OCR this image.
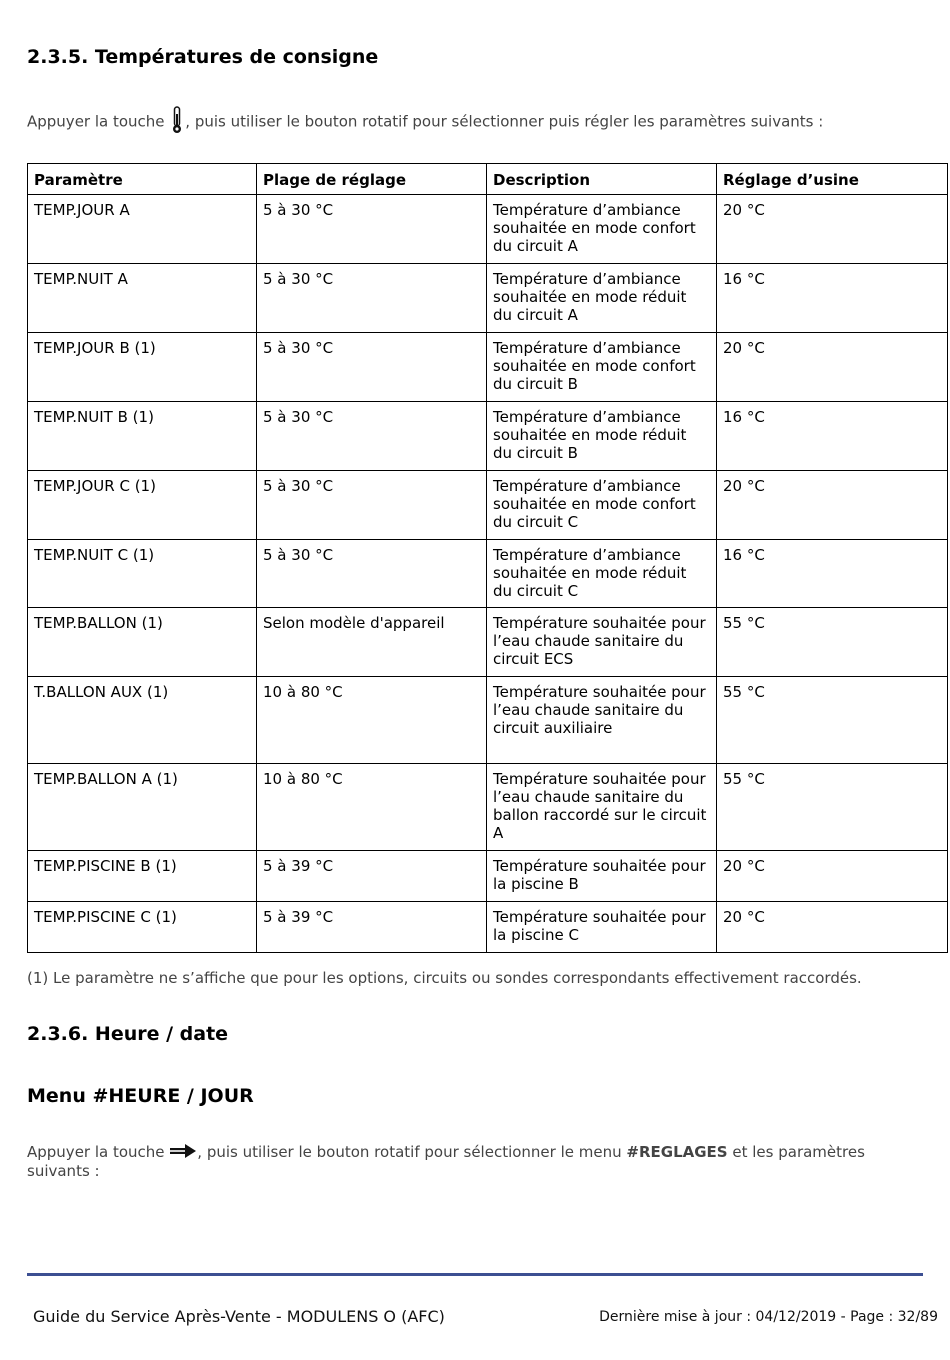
2.3.5. Températures de consigne
Appuyer la touche , puis utiliser le bouton rotatif pour sélectionner puis régler les paramètres suivants :
Paramètre	Plage de réglage	Description	Réglage d’usine
TEMP.JOUR A	5 à 30 °C	Température d’ambiance souhaitée en mode confort du circuit A	20 °C
TEMP.NUIT A	5 à 30 °C	Température d’ambiance souhaitée en mode réduit du circuit A	16 °C
TEMP.JOUR B (1)	5 à 30 °C	Température d’ambiance souhaitée en mode confort du circuit B	20 °C
TEMP.NUIT B (1)	5 à 30 °C	Température d’ambiance souhaitée en mode réduit du circuit B	16 °C
TEMP.JOUR C (1)	5 à 30 °C	Température d’ambiance souhaitée en mode confort du circuit C	20 °C
TEMP.NUIT C (1)	5 à 30 °C	Température d’ambiance souhaitée en mode réduit du circuit C	16 °C
TEMP.BALLON (1)	Selon modèle d'appareil	Température souhaitée pour l’eau chaude sanitaire du circuit ECS	55 °C
T.BALLON AUX (1)	10 à 80 °C	Température souhaitée pour l’eau chaude sanitaire du circuit auxiliaire	55 °C
TEMP.BALLON A (1)	10 à 80 °C	Température souhaitée pour l’eau chaude sanitaire du ballon raccordé sur le circuit A	55 °C
TEMP.PISCINE B (1)	5 à 39 °C	Température souhaitée pour la piscine B	20 °C
TEMP.PISCINE C (1)	5 à 39 °C	Température souhaitée pour la piscine C	20 °C
(1) Le paramètre ne s’affiche que pour les options, circuits ou sondes correspondants effectivement raccordés.
2.3.6. Heure / date
Menu #HEURE / JOUR
Appuyer la touche , puis utiliser le bouton rotatif pour sélectionner le menu #REGLAGES et les paramètres suivants :
Guide du Service Après-Vente - MODULENS O (AFC)	Dernière mise à jour : 04/12/2019 - Page : 32/89
